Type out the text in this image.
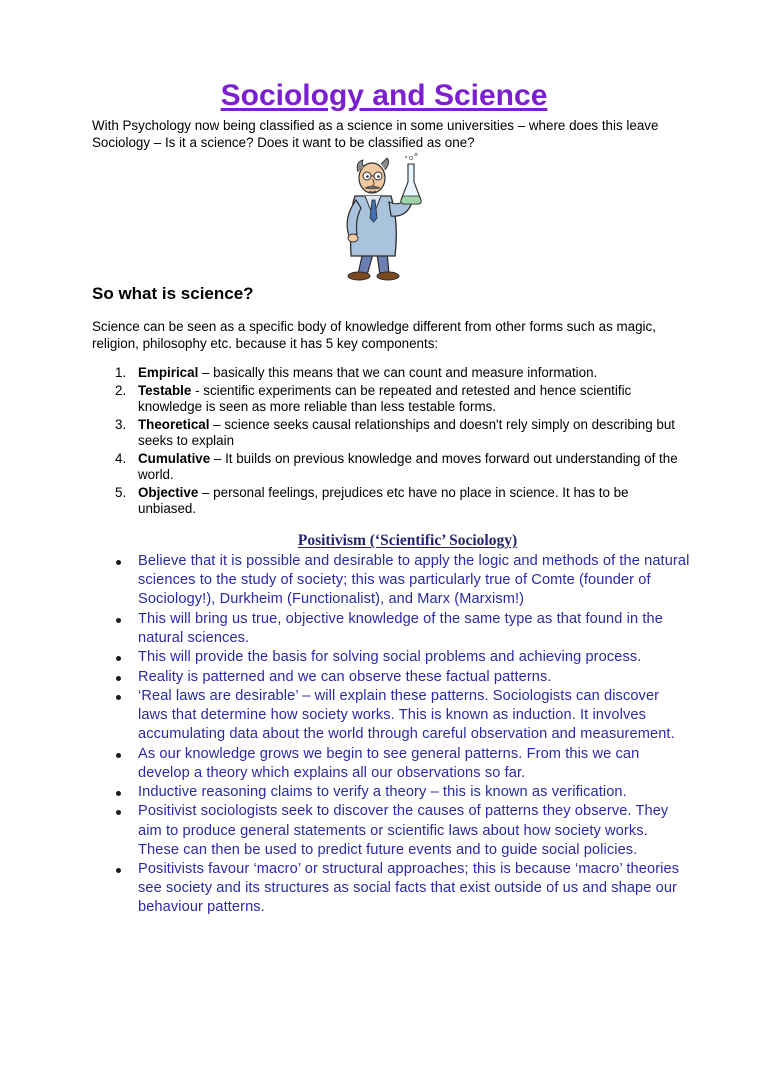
Sociology and Science

With Psychology now being classified as a science in some universities – where does this leave Sociology – Is it a science? Does it want to be classified as one?

So what is science?

Science can be seen as a specific body of knowledge different from other forms such as magic, religion, philosophy etc. because it has 5 key components:

1. Empirical – basically this means that we can count and measure information.
2. Testable - scientific experiments can be repeated and retested and hence scientific knowledge is seen as more reliable than less testable forms.
3. Theoretical – science seeks causal relationships and doesn't rely simply on describing but seeks to explain
4. Cumulative – It builds on previous knowledge and moves forward out understanding of the world.
5. Objective – personal feelings, prejudices etc have no place in science. It has to be unbiased.
Positivism (‘Scientific’ Sociology)
Believe that it is possible and desirable to apply the logic and methods of the natural sciences to the study of society; this was particularly true of Comte (founder of Sociology!), Durkheim (Functionalist), and Marx (Marxism!)
This will bring us true, objective knowledge of the same type as that found in the natural sciences.
This will provide the basis for solving social problems and achieving process.
Reality is patterned and we can observe these factual patterns.
‘Real laws are desirable’ – will explain these patterns. Sociologists can discover laws that determine how society works. This is known as induction. It involves accumulating data about the world through careful observation and measurement.
As our knowledge grows we begin to see general patterns. From this we can develop a theory which explains all our observations so far.
Inductive reasoning claims to verify a theory – this is known as verification.
Positivist sociologists seek to discover the causes of patterns they observe. They aim to produce general statements or scientific laws about how society works. These can then be used to predict future events and to guide social policies.
Positivists favour ‘macro’ or structural approaches; this is because ‘macro’ theories see society and its structures as social facts that exist outside of us and shape our behaviour patterns.
